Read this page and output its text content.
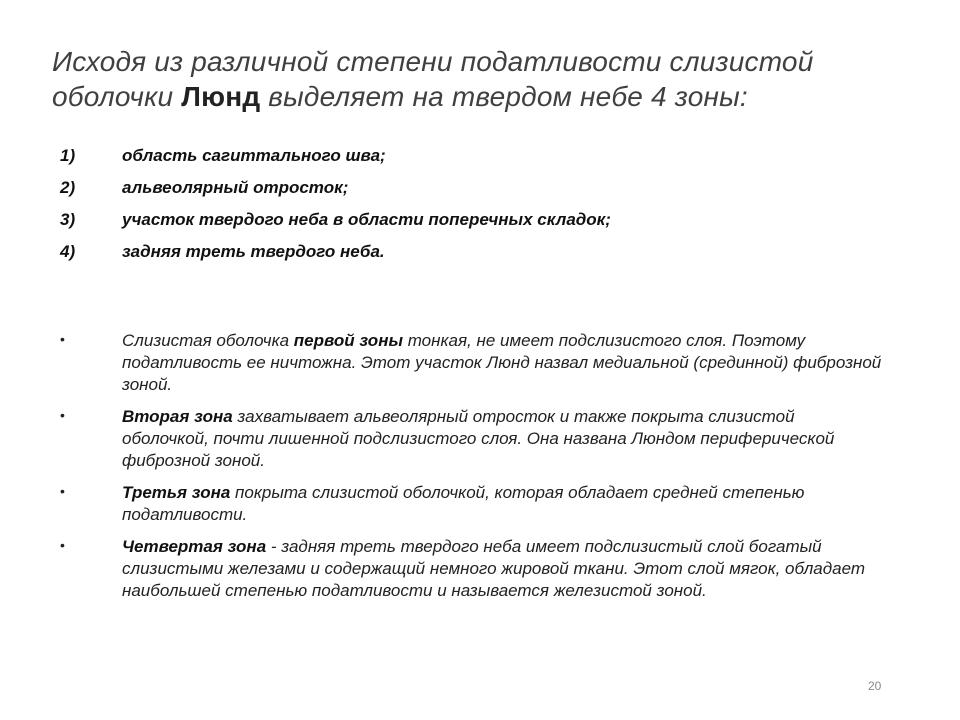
Исходя из различной степени податливости слизистой оболочки Люнд выделяет на твердом небе 4 зоны:
1)	область сагиттального шва;
2)	альвеолярный отросток;
3)	участок твердого неба в области поперечных складок;
4)	задняя треть твердого неба.
•	Слизистая оболочка первой зоны тонкая, не имеет подслизистого слоя. Поэтому податливость ее ничтожна. Этот участок Люнд назвал медиальной (срединной) фиброзной зоной.
•	Вторая зона захватывает альвеолярный отросток и также покрыта слизистой оболочкой, почти лишенной подслизистого слоя. Она названа Люндом периферической фиброзной зоной.
•	Третья зона покрыта слизистой оболочкой, которая обладает средней степенью податливости.
•	Четвертая зона - задняя треть твердого неба имеет подслизистый слой богатый слизистыми железами и содержащий немного жировой ткани. Этот слой мягок, обладает наибольшей степенью податливости и называется железистой зоной.
20
